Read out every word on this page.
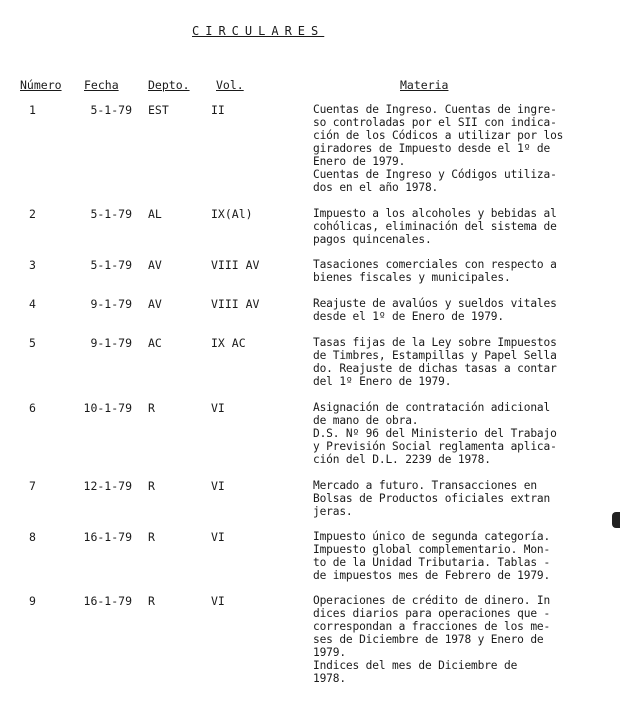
CIRCULARES
Número Fecha	Depto. Vol.	Materia
1	5-1-79 EST	II	Cuentas de Ingreso. Cuentas de ingre-
so controladas por el SII con indica-
ción de los Códicos a utilizar por los
giradores de Impuesto desde el 1º de
Enero de 1979.
Cuentas de Ingreso y Códigos utiliza-
dos en el año 1978.
2	5-1-79 AL	IX(Al)	Impuesto a los alcoholes y bebidas al
cohólicas, eliminación del sistema de
pagos quincenales.
3	5-1-79 AV	VIII AV	Tasaciones comerciales con respecto a
bienes fiscales y municipales.
4	9-1-79 AV	VIII AV	Reajuste de avalúos y sueldos vitales
desde el 1º de Enero de 1979.
5	9-1-79 AC	IX AC	Tasas fijas de la Ley sobre Impuestos
de Timbres, Estampillas y Papel Sella
do. Reajuste de dichas tasas a contar
del 1º Enero de 1979.
6	10-1-79 R	VI	Asignación de contratación adicional
de mano de obra.
D.S. Nº 96 del Ministerio del Trabajo
y Previsión Social reglamenta aplica-
ción del D.L. 2239 de 1978.
7	12-1-79 R	VI	Mercado a futuro. Transacciones en
Bolsas de Productos oficiales extran
jeras.
8	16-1-79 R	VI	Impuesto único de segunda categoría.
Impuesto global complementario. Mon-
to de la Unidad Tributaria. Tablas -
de impuestos mes de Febrero de 1979.
9	16-1-79 R	VI	Operaciones de crédito de dinero. In
dices diarios para operaciones que -
correspondan a fracciones de los me-
ses de Diciembre de 1978 y Enero de
1979.
Indices del mes de Diciembre de
1978.
